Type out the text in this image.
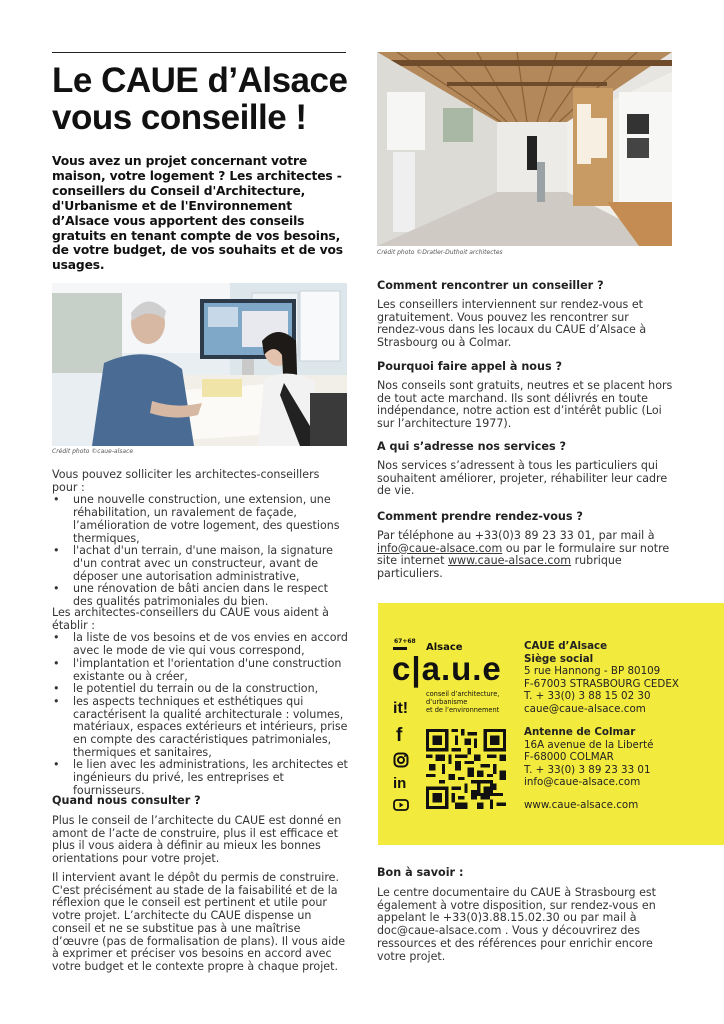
Le CAUE d’Alsace
vous conseille !

Vous avez un projet concernant votre maison, votre logement ? Les architectes - conseillers du Conseil d'Architecture, d'Urbanisme et de l'Environnement d’Alsace vous apportent des conseils gratuits en tenant compte de vos besoins, de votre budget, de vos souhaits et de vos usages.

Crédit photo ©caue-alsace
Crédit photo ©Dratler-Duthoit architectes

Vous pouvez solliciter les architectes-conseillers pour :

• une nouvelle construction, une extension, une réhabilitation, un ravalement de façade, l’amélioration de votre logement, des questions thermiques,
• l'achat d'un terrain, d'une maison, la signature d'un contrat avec un constructeur, avant de déposer une autorisation administrative,
• une rénovation de bâti ancien dans le respect des qualités patrimoniales du bien.

Les architectes-conseillers du CAUE vous aident à établir :

• la liste de vos besoins et de vos envies en accord avec le mode de vie qui vous correspond,
• l'implantation et l'orientation d'une construction existante ou à créer,
• le potentiel du terrain ou de la construction,
• les aspects techniques et esthétiques qui caractérisent la qualité architecturale : volumes, matériaux, espaces extérieurs et intérieurs, prise en compte des caractéristiques patrimoniales, thermiques et sanitaires,
• le lien avec les administrations, les architectes et ingénieurs du privé, les entreprises et fournisseurs.
Quand nous consulter ?

Plus le conseil de l’architecte du CAUE est donné en amont de l’acte de construire, plus il est efficace et plus il vous aidera à définir au mieux les bonnes orientations pour votre projet.

Il intervient avant le dépôt du permis de construire. C'est précisément au stade de la faisabilité et de la réflexion que le conseil est pertinent et utile pour votre projet. L’architecte du CAUE dispense un conseil et ne se substitue pas à une maîtrise d’œuvre (pas de formalisation de plans). Il vous aide à exprimer et préciser vos besoins en accord avec votre budget et le contexte propre à chaque projet.

Comment rencontrer un conseiller ?

Les conseillers interviennent sur rendez-vous et gratuitement. Vous pouvez les rencontrer sur rendez-vous dans les locaux du CAUE d’Alsace à Strasbourg ou à Colmar.

Pourquoi faire appel à nous ?

Nos conseils sont gratuits, neutres et se placent hors de tout acte marchand. Ils sont délivrés en toute indépendance, notre action est d’intérêt public (Loi sur l’architecture 1977).

A qui s’adresse nos services ?

Nos services s’adressent à tous les particuliers qui souhaitent améliorer, projeter, réhabiliter leur cadre de vie.

Comment prendre rendez-vous ?

Par téléphone au +33(0)3 89 23 33 01, par mail à info@caue-alsace.com ou par le formulaire sur notre site internet www.caue-alsace.com rubrique particuliers.

67+68
Alsace
c|a.u.e
conseil d’architecture,
d’urbanisme
et de l’environnement
it!
f
in
CAUE d’Alsace
Siège social
5 rue Hannong - BP 80109
F-67003 STRASBOURG CEDEX
T. + 33(0) 3 88 15 02 30
caue@caue-alsace.com
Antenne de Colmar
16A avenue de la Liberté
F-68000 COLMAR
T. + 33(0) 3 89 23 33 01
info@caue-alsace.com
www.caue-alsace.com
Bon à savoir :

Le centre documentaire du CAUE à Strasbourg est également à votre disposition, sur rendez-vous en appelant le +33(0)3.88.15.02.30 ou par mail à doc@caue-alsace.com . Vous y découvrirez des ressources et des références pour enrichir encore votre projet.
